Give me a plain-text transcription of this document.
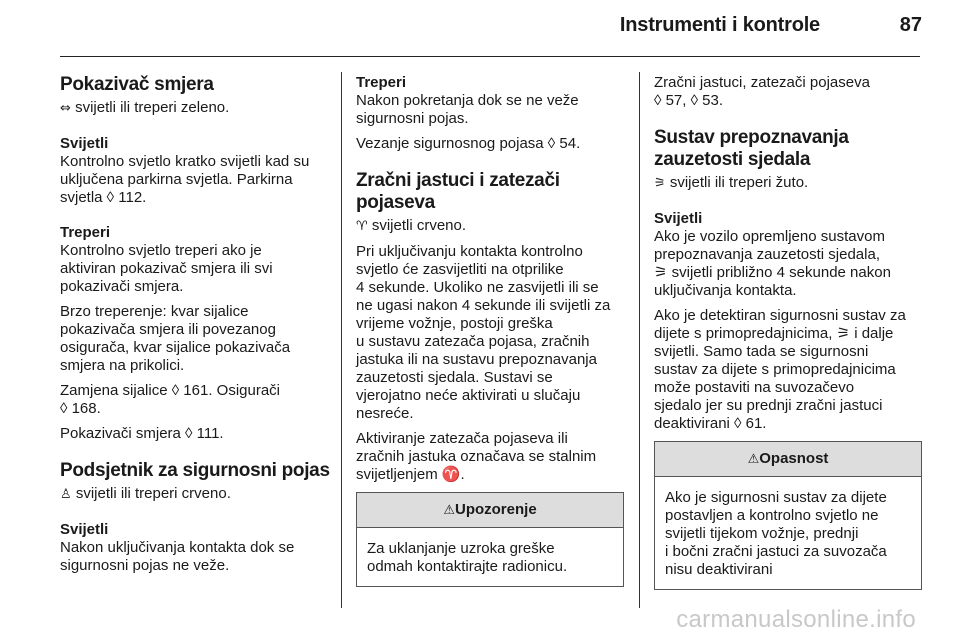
Instrumenti i kontrole	87
Pokazivač smjera

⇔ svijetli ili treperi zeleno.

Svijetli

Kontrolno svjetlo kratko svijetli kad su
uključena parkirna svjetla. Parkirna
svjetla ◊ 112.

Treperi

Kontrolno svjetlo treperi ako je
aktiviran pokazivač smjera ili svi
pokazivači smjera.

Brzo treperenje: kvar sijalice
pokazivača smjera ili povezanog
osigurača, kvar sijalice pokazivača
smjera na prikolici.

Zamjena sijalice ◊ 161. Osigurači
◊ 168.

Pokazivači smjera ◊ 111.

Podsjetnik za sigurnosni pojas

♙ svijetli ili treperi crveno.

Svijetli

Nakon uključivanja kontakta dok se
sigurnosni pojas ne veže.

Treperi

Nakon pokretanja dok se ne veže
sigurnosni pojas.

Vezanje sigurnosnog pojasa ◊ 54.

Zračni jastuci i zatezači
pojaseva

♈ svijetli crveno.

Pri uključivanju kontakta kontrolno
svjetlo će zasvijetliti na otprilike
4 sekunde. Ukoliko ne zasvijetli ili se
ne ugasi nakon 4 sekunde ili svijetli za
vrijeme vožnje, postoji greška
u sustavu zatezača pojasa, zračnih
jastuka ili na sustavu prepoznavanja
zauzetosti sjedala. Sustavi se
vjerojatno neće aktivirati u slučaju
nesreće.

Aktiviranje zatezača pojaseva ili
zračnih jastuka označava se stalnim
svijetljenjem ♈.

⚠Upozorenje
Za uklanjanje uzroka greške
odmah kontaktirajte radionicu.

Zračni jastuci, zatezači pojaseva
◊ 57, ◊ 53.

Sustav prepoznavanja
zauzetosti sjedala

⚞ svijetli ili treperi žuto.

Svijetli

Ako je vozilo opremljeno sustavom
prepoznavanja zauzetosti sjedala,
⚞ svijetli približno 4 sekunde nakon
uključivanja kontakta.

Ako je detektiran sigurnosni sustav za
dijete s primopredajnicima, ⚞ i dalje
svijetli. Samo tada se sigurnosni
sustav za dijete s primopredajnicima
može postaviti na suvozačevo
sjedalo jer su prednji zračni jastuci
deaktivirani ◊ 61.

⚠Opasnost
Ako je sigurnosni sustav za dijete
postavljen a kontrolno svjetlo ne
svijetli tijekom vožnje, prednji
i bočni zračni jastuci za suvozača
nisu deaktivirani
carmanualsonline.info
